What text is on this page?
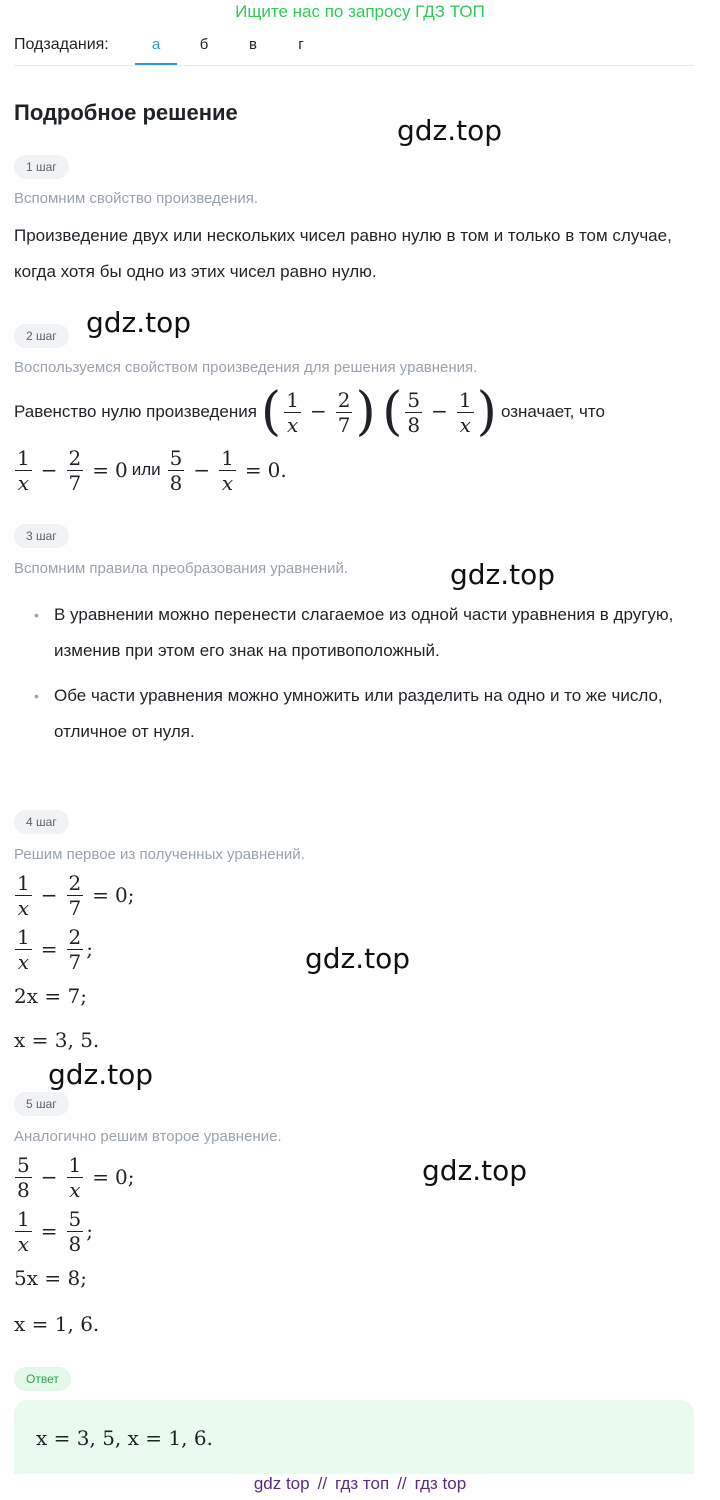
Ищите нас по запросу ГДЗ ТОП
Подзадания:	а	б	в	г
Подробное решение
gdz.top
gdz.top
gdz.top
gdz.top
gdz.top
gdz.top
1 шаг
Вспомним свойство произведения.
Произведение двух или нескольких чисел равно нулю в том и только в том случае, когда хотя бы одно из этих чисел равно нулю.
2 шаг
Воспользуемся свойством произведения для решения уравнения.
Равенство нулю произведения ( $\frac{1}{x} - \frac{2}{7}$ ) ( $\frac{5}{8} - \frac{1}{x}$ ) означает, что
$\frac{1}{x} - \frac{2}{7} = 0$ или $\frac{5}{8} - \frac{1}{x} = 0$.
3 шаг
Вспомним правила преобразования уравнений.
• В уравнении можно перенести слагаемое из одной части уравнения в другую, изменив при этом его знак на противоположный.
• Обе части уравнения можно умножить или разделить на одно и то же число, отличное от нуля.
4 шаг
Решим первое из полученных уравнений.
$\frac{1}{x} - \frac{2}{7} = 0$;
$\frac{1}{x} = \frac{2}{7}$ ;
2x = 7;
x = 3, 5.
5 шаг
Аналогично решим второе уравнение.
$\frac{5}{8} - \frac{1}{x} = 0$;
$\frac{1}{x} = \frac{5}{8}$ ;
5x = 8;
x = 1, 6.
Ответ
x = 3, 5, x = 1, 6.
gdz top // гдз топ // гдз top
